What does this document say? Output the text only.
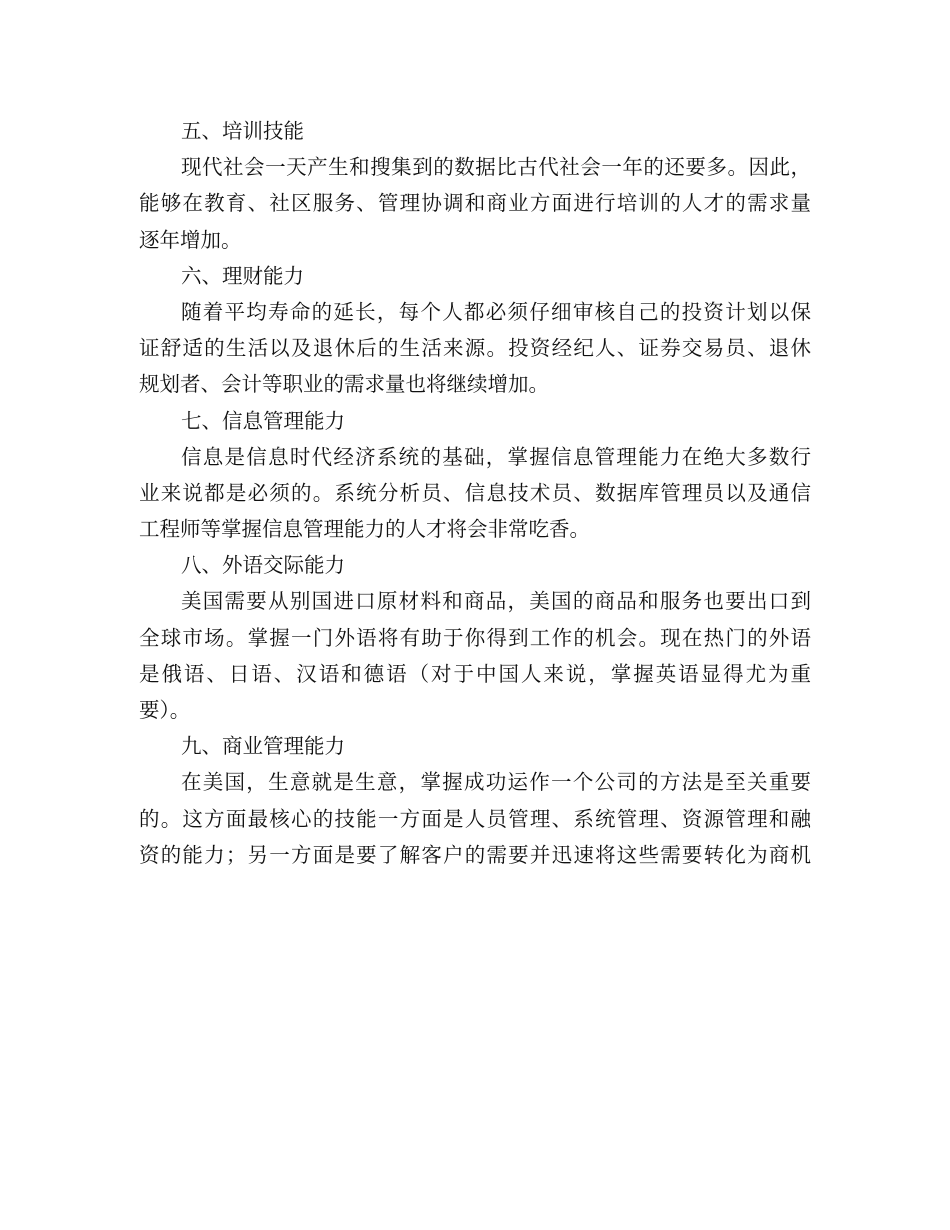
五、培训技能
现代社会一天产生和搜集到的数据比古代社会一年的还要多。因此，
能够在教育、社区服务、管理协调和商业方面进行培训的人才的需求量
逐年增加。
六、理财能力
随着平均寿命的延长，每个人都必须仔细审核自己的投资计划以保
证舒适的生活以及退休后的生活来源。投资经纪人、证券交易员、退休
规划者、会计等职业的需求量也将继续增加。
七、信息管理能力
信息是信息时代经济系统的基础，掌握信息管理能力在绝大多数行
业来说都是必须的。系统分析员、信息技术员、数据库管理员以及通信
工程师等掌握信息管理能力的人才将会非常吃香。
八、外语交际能力
美国需要从别国进口原材料和商品，美国的商品和服务也要出口到
全球市场。掌握一门外语将有助于你得到工作的机会。现在热门的外语
是俄语、日语、汉语和德语（对于中国人来说，掌握英语显得尤为重
要）。
九、商业管理能力
在美国，生意就是生意，掌握成功运作一个公司的方法是至关重要
的。这方面最核心的技能一方面是人员管理、系统管理、资源管理和融
资的能力；另一方面是要了解客户的需要并迅速将这些需要转化为商机
